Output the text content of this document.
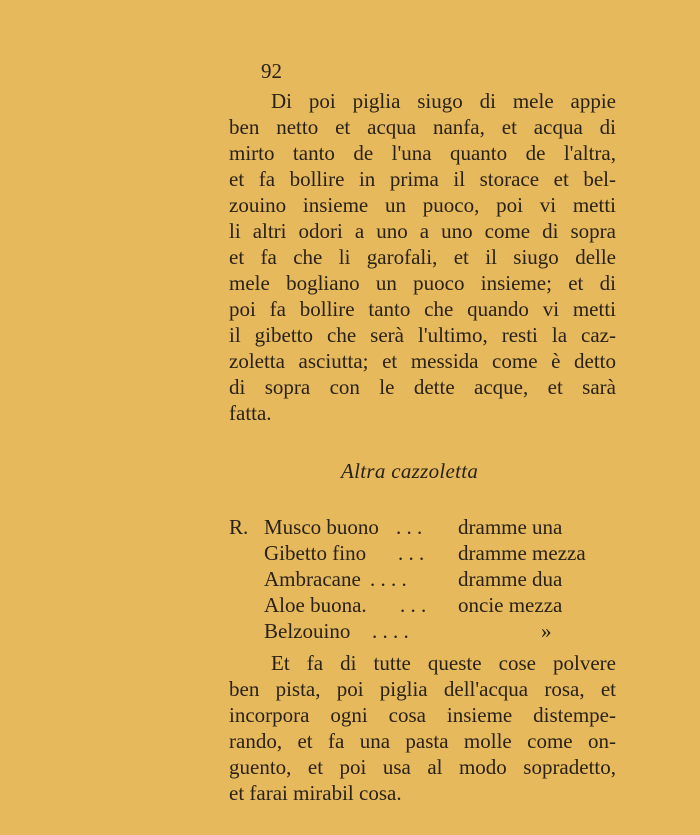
92
Di poi piglia siugo di mele appie
ben netto et acqua nanfa, et acqua di
mirto tanto de l'una quanto de l'altra,
et fa bollire in prima il storace et bel-
zouino insieme un puoco, poi vi metti
li altri odori a uno a uno come di sopra
et fa che li garofali, et il siugo delle
mele bogliano un puoco insieme; et di
poi fa bollire tanto che quando vi metti
il gibetto che serà l'ultimo, resti la caz-
zoletta asciutta; et messida come è detto
di sopra con le dette acque, et sarà
fatta.
Altra cazzoletta
R. Musco buono . . . dramme una
Gibetto fino . . . dramme mezza
Ambracane . . . . dramme dua
Aloe buona. . . . oncie mezza
Belzouino . . . .	»
Et fa di tutte queste cose polvere
ben pista, poi piglia dell'acqua rosa, et
incorpora ogni cosa insieme distempe-
rando, et fa una pasta molle come on-
guento, et poi usa al modo sopradetto,
et farai mirabil cosa.
